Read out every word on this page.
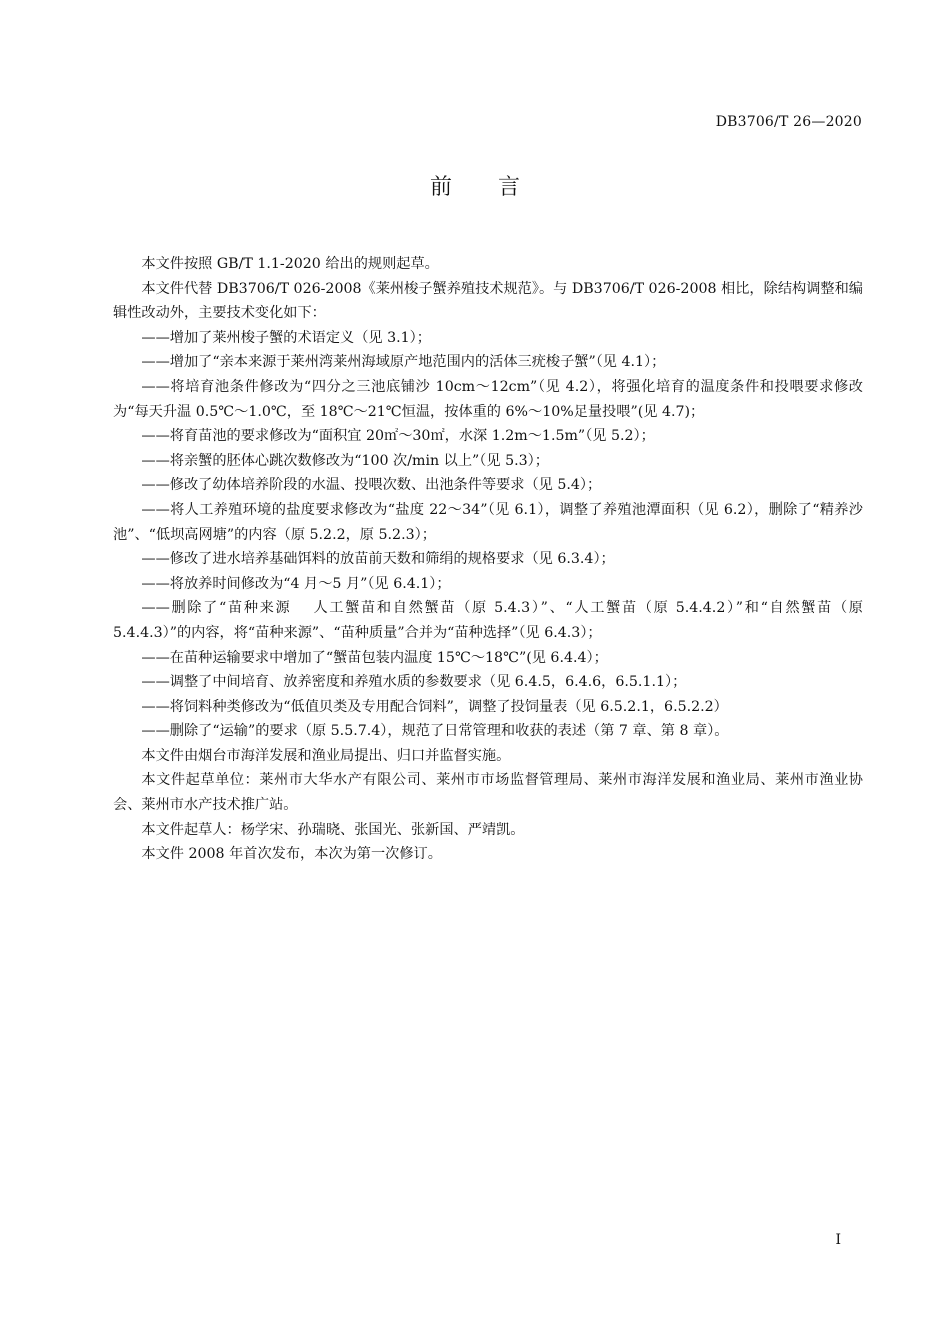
DB3706/T 26—2020
前言

本文件按照 GB/T 1.1-2020 给出的规则起草。

本文件代替 DB3706/T 026-2008《莱州梭子蟹养殖技术规范》。与 DB3706/T 026-2008 相比，除结构调整和编辑性改动外，主要技术变化如下：

——增加了莱州梭子蟹的术语定义（见 3.1）；

——增加了“亲本来源于莱州湾莱州海域原产地范围内的活体三疣梭子蟹”（见 4.1）；

——将培育池条件修改为“四分之三池底铺沙 10cm～12cm”（见 4.2），将强化培育的温度条件和投喂要求修改为“每天升温 0.5℃～1.0℃，至 18℃～21℃恒温，按体重的 6%～10%足量投喂”(见 4.7)；

——将育苗池的要求修改为“面积宜 20㎡～30㎡，水深 1.2m～1.5m”（见 5.2）；

——将亲蟹的胚体心跳次数修改为“100 次/min 以上”（见 5.3）；

——修改了幼体培养阶段的水温、投喂次数、出池条件等要求（见 5.4）；

——将人工养殖环境的盐度要求修改为“盐度 22～34”（见 6.1），调整了养殖池潭面积（见 6.2），删除了“精养沙池”、“低坝高网塘”的内容（原 5.2.2，原 5.2.3）；

——修改了进水培养基础饵料的放苗前天数和筛绢的规格要求（见 6.3.4）；

——将放养时间修改为“4 月～5 月”（见 6.4.1）；

——删除了“苗种来源　 人工蟹苗和自然蟹苗（原 5.4.3）”、“人工蟹苗（原 5.4.4.2）”和“自然蟹苗（原 5.4.4.3）”的内容，将“苗种来源”、“苗种质量”合并为“苗种选择”（见 6.4.3）；

——在苗种运输要求中增加了“蟹苗包装内温度 15℃～18℃”(见 6.4.4）；

——调整了中间培育、放养密度和养殖水质的参数要求（见 6.4.5，6.4.6，6.5.1.1）；

——将饲料种类修改为“低值贝类及专用配合饲料”，调整了投饲量表（见 6.5.2.1，6.5.2.2）

——删除了“运输”的要求（原 5.5.7.4），规范了日常管理和收获的表述（第 7 章、第 8 章）。

本文件由烟台市海洋发展和渔业局提出、归口并监督实施。

本文件起草单位：莱州市大华水产有限公司、莱州市市场监督管理局、莱州市海洋发展和渔业局、莱州市渔业协会、莱州市水产技术推广站。

本文件起草人：杨学宋、孙瑞晓、张国光、张新国、严靖凯。

本文件 2008 年首次发布，本次为第一次修订。

I
